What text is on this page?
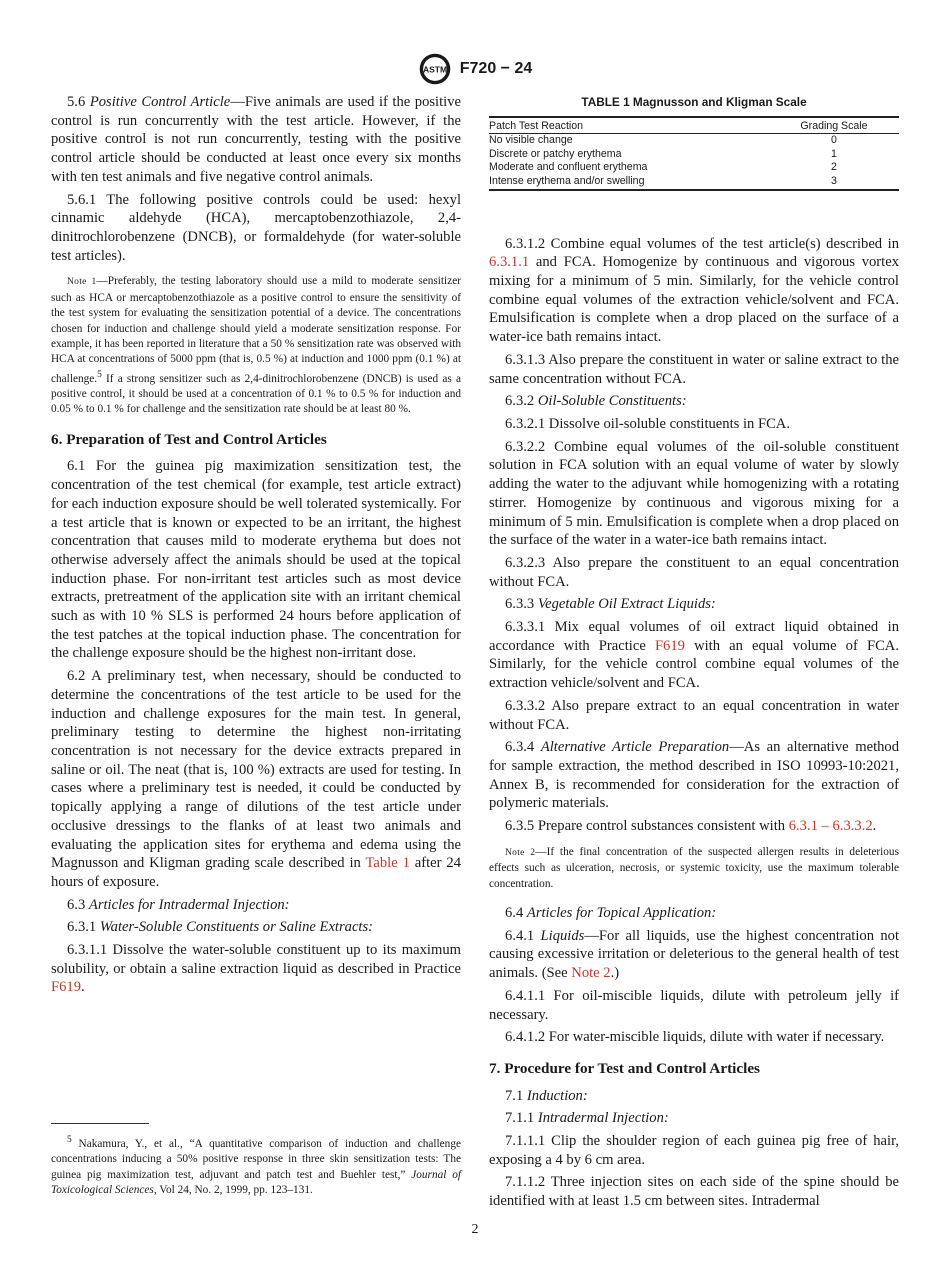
ASTM F720 − 24

5.6 Positive Control Article—Five animals are used if the positive control is run concurrently with the test article. However, if the positive control is not run concurrently, testing with the positive control article should be conducted at least once every six months with ten test animals and five negative control animals.

5.6.1 The following positive controls could be used: hexyl cinnamic aldehyde (HCA), mercaptobenzothiazole, 2,4-dinitrochlorobenzene (DNCB), or formaldehyde (for water-soluble test articles).

Note 1—Preferably, the testing laboratory should use a mild to moderate sensitizer such as HCA or mercaptobenzothiazole as a positive control to ensure the sensitivity of the test system for evaluating the sensitization potential of a device. The concentrations chosen for induction and challenge should yield a moderate sensitization response. For example, it has been reported in literature that a 50 % sensitization rate was observed with HCA at concentrations of 5000 ppm (that is, 0.5 %) at induction and 1000 ppm (0.1 %) at challenge.$^5$ If a strong sensitizer such as 2,4-dinitrochlorobenzene (DNCB) is used as a positive control, it should be used at a concentration of 0.1 % to 0.5 % for induction and 0.05 % to 0.1 % for challenge and the sensitization rate should be at least 80 %.
6. Preparation of Test and Control Articles

6.1 For the guinea pig maximization sensitization test, the concentration of the test chemical (for example, test article extract) for each induction exposure should be well tolerated systemically. For a test article that is known or expected to be an irritant, the highest concentration that causes mild to moderate erythema but does not otherwise adversely affect the animals should be used at the topical induction phase. For non-irritant test articles such as most device extracts, pretreatment of the application site with an irritant chemical such as with 10 % SLS is performed 24 hours before application of the test patches at the topical induction phase. The concentration for the challenge exposure should be the highest non-irritant dose.

6.2 A preliminary test, when necessary, should be conducted to determine the concentrations of the test article to be used for the induction and challenge exposures for the main test. In general, preliminary testing to determine the highest non-irritating concentration is not necessary for the device extracts prepared in saline or oil. The neat (that is, 100 %) extracts are used for testing. In cases where a preliminary test is needed, it could be conducted by topically applying a range of dilutions of the test article under occlusive dressings to the flanks of at least two animals and evaluating the application sites for erythema and edema using the Magnusson and Kligman grading scale described in Table 1 after 24 hours of exposure.

6.3 Articles for Intradermal Injection:

6.3.1 Water-Soluble Constituents or Saline Extracts:

6.3.1.1 Dissolve the water-soluble constituent up to its maximum solubility, or obtain a saline extraction liquid as described in Practice F619.

$^5$ Nakamura, Y., et al., “A quantitative comparison of induction and challenge concentrations inducing a 50% positive response in three skin sensitization tests: The guinea pig maximization test, adjuvant and patch test and Buehler test,” Journal of Toxicological Sciences, Vol 24, No. 2, 1999, pp. 123–131.
TABLE 1 Magnusson and Kligman Scale
Patch Test Reaction	Grading Scale
No visible change	0
Discrete or patchy erythema	1
Moderate and confluent erythema	2
Intense erythema and/or swelling	3

6.3.1.2 Combine equal volumes of the test article(s) described in 6.3.1.1 and FCA. Homogenize by continuous and vigorous vortex mixing for a minimum of 5 min. Similarly, for the vehicle control combine equal volumes of the extraction vehicle/solvent and FCA. Emulsification is complete when a drop placed on the surface of a water-ice bath remains intact.

6.3.1.3 Also prepare the constituent in water or saline extract to the same concentration without FCA.

6.3.2 Oil-Soluble Constituents:

6.3.2.1 Dissolve oil-soluble constituents in FCA.

6.3.2.2 Combine equal volumes of the oil-soluble constituent solution in FCA solution with an equal volume of water by slowly adding the water to the adjuvant while homogenizing with a rotating stirrer. Homogenize by continuous and vigorous mixing for a minimum of 5 min. Emulsification is complete when a drop placed on the surface of the water in a water-ice bath remains intact.

6.3.2.3 Also prepare the constituent to an equal concentration without FCA.

6.3.3 Vegetable Oil Extract Liquids:

6.3.3.1 Mix equal volumes of oil extract liquid obtained in accordance with Practice F619 with an equal volume of FCA. Similarly, for the vehicle control combine equal volumes of the extraction vehicle/solvent and FCA.

6.3.3.2 Also prepare extract to an equal concentration in water without FCA.

6.3.4 Alternative Article Preparation—As an alternative method for sample extraction, the method described in ISO 10993-10:2021, Annex B, is recommended for consideration for the extraction of polymeric materials.

6.3.5 Prepare control substances consistent with 6.3.1 – 6.3.3.2.

Note 2—If the final concentration of the suspected allergen results in deleterious effects such as ulceration, necrosis, or systemic toxicity, use the maximum tolerable concentration.

6.4 Articles for Topical Application:

6.4.1 Liquids—For all liquids, use the highest concentration not causing excessive irritation or deleterious to the general health of test animals. (See Note 2.)

6.4.1.1 For oil-miscible liquids, dilute with petroleum jelly if necessary.

6.4.1.2 For water-miscible liquids, dilute with water if necessary.

7. Procedure for Test and Control Articles

7.1 Induction:

7.1.1 Intradermal Injection:

7.1.1.1 Clip the shoulder region of each guinea pig free of hair, exposing a 4 by 6 cm area.

7.1.1.2 Three injection sites on each side of the spine should be identified with at least 1.5 cm between sites. Intradermal

2
